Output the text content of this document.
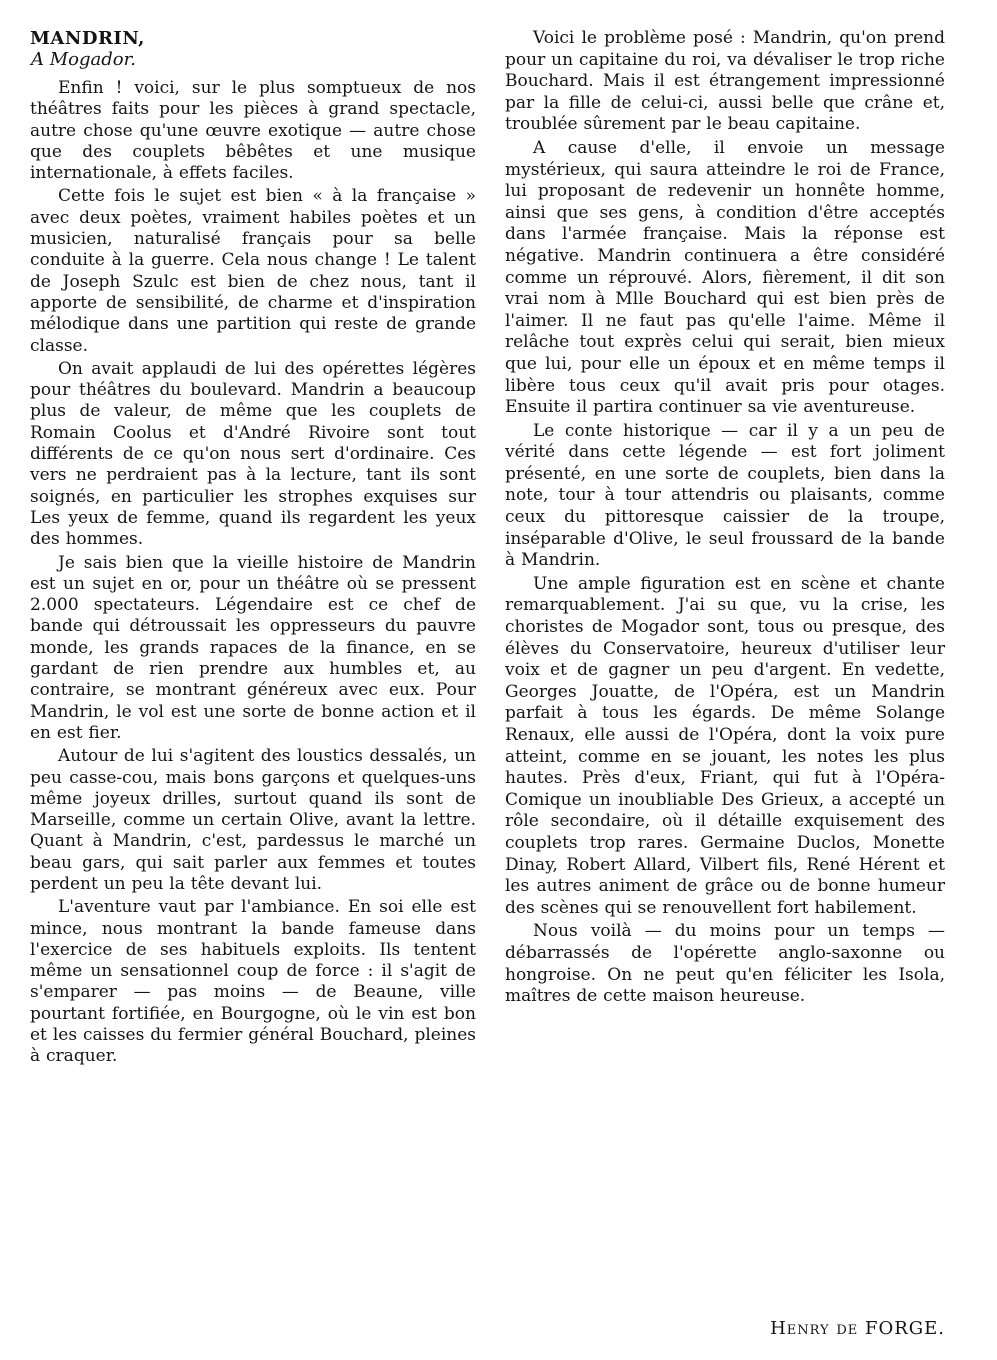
MANDRIN,
A Mogador.

Enfin ! voici, sur le plus somptueux de nos théâtres faits pour les pièces à grand spectacle, autre chose qu'une œuvre exotique — autre chose que des couplets bêbêtes et une musique internationale, à effets faciles.

Cette fois le sujet est bien « à la française » avec deux poètes, vraiment habiles poètes et un musicien, naturalisé français pour sa belle conduite à la guerre. Cela nous change ! Le talent de Joseph Szulc est bien de chez nous, tant il apporte de sensibilité, de charme et d'inspiration mélodique dans une partition qui reste de grande classe.

On avait applaudi de lui des opérettes légères pour théâtres du boulevard. Mandrin a beaucoup plus de valeur, de même que les couplets de Romain Coolus et d'André Rivoire sont tout différents de ce qu'on nous sert d'ordinaire. Ces vers ne perdraient pas à la lecture, tant ils sont soignés, en particulier les strophes exquises sur Les yeux de femme, quand ils regardent les yeux des hommes.

Je sais bien que la vieille histoire de Mandrin est un sujet en or, pour un théâtre où se pressent 2.000 spectateurs. Légendaire est ce chef de bande qui détroussait les oppresseurs du pauvre monde, les grands rapaces de la finance, en se gardant de rien prendre aux humbles et, au contraire, se montrant généreux avec eux. Pour Mandrin, le vol est une sorte de bonne action et il en est fier.

Autour de lui s'agitent des loustics dessalés, un peu casse-cou, mais bons garçons et quelques-uns même joyeux drilles, surtout quand ils sont de Marseille, comme un certain Olive, avant la lettre. Quant à Mandrin, c'est, pardessus le marché un beau gars, qui sait parler aux femmes et toutes perdent un peu la tête devant lui.

L'aventure vaut par l'ambiance. En soi elle est mince, nous montrant la bande fameuse dans l'exercice de ses habituels exploits. Ils tentent même un sensationnel coup de force : il s'agit de s'emparer — pas moins — de Beaune, ville pourtant fortifiée, en Bourgogne, où le vin est bon et les caisses du fermier général Bouchard, pleines à craquer.

Voici le problème posé : Mandrin, qu'on prend pour un capitaine du roi, va dévaliser le trop riche Bouchard. Mais il est étrangement impressionné par la fille de celui-ci, aussi belle que crâne et, troublée sûrement par le beau capitaine.

A cause d'elle, il envoie un message mystérieux, qui saura atteindre le roi de France, lui proposant de redevenir un honnête homme, ainsi que ses gens, à condition d'être acceptés dans l'armée française. Mais la réponse est négative. Mandrin continuera a être considéré comme un réprouvé. Alors, fièrement, il dit son vrai nom à Mlle Bouchard qui est bien près de l'aimer. Il ne faut pas qu'elle l'aime. Même il relâche tout exprès celui qui serait, bien mieux que lui, pour elle un époux et en même temps il libère tous ceux qu'il avait pris pour otages. Ensuite il partira continuer sa vie aventureuse.

Le conte historique — car il y a un peu de vérité dans cette légende — est fort joliment présenté, en une sorte de couplets, bien dans la note, tour à tour attendris ou plaisants, comme ceux du pittoresque caissier de la troupe, inséparable d'Olive, le seul froussard de la bande à Mandrin.

Une ample figuration est en scène et chante remarquablement. J'ai su que, vu la crise, les choristes de Mogador sont, tous ou presque, des élèves du Conservatoire, heureux d'utiliser leur voix et de gagner un peu d'argent. En vedette, Georges Jouatte, de l'Opéra, est un Mandrin parfait à tous les égards. De même Solange Renaux, elle aussi de l'Opéra, dont la voix pure atteint, comme en se jouant, les notes les plus hautes. Près d'eux, Friant, qui fut à l'Opéra-Comique un inoubliable Des Grieux, a accepté un rôle secondaire, où il détaille exquisement des couplets trop rares. Germaine Duclos, Monette Dinay, Robert Allard, Vilbert fils, René Hérent et les autres animent de grâce ou de bonne humeur des scènes qui se renouvellent fort habilement.

Nous voilà — du moins pour un temps — débarrassés de l'opérette anglo-saxonne ou hongroise. On ne peut qu'en féliciter les Isola, maîtres de cette maison heureuse.

Henry de FORGE.
